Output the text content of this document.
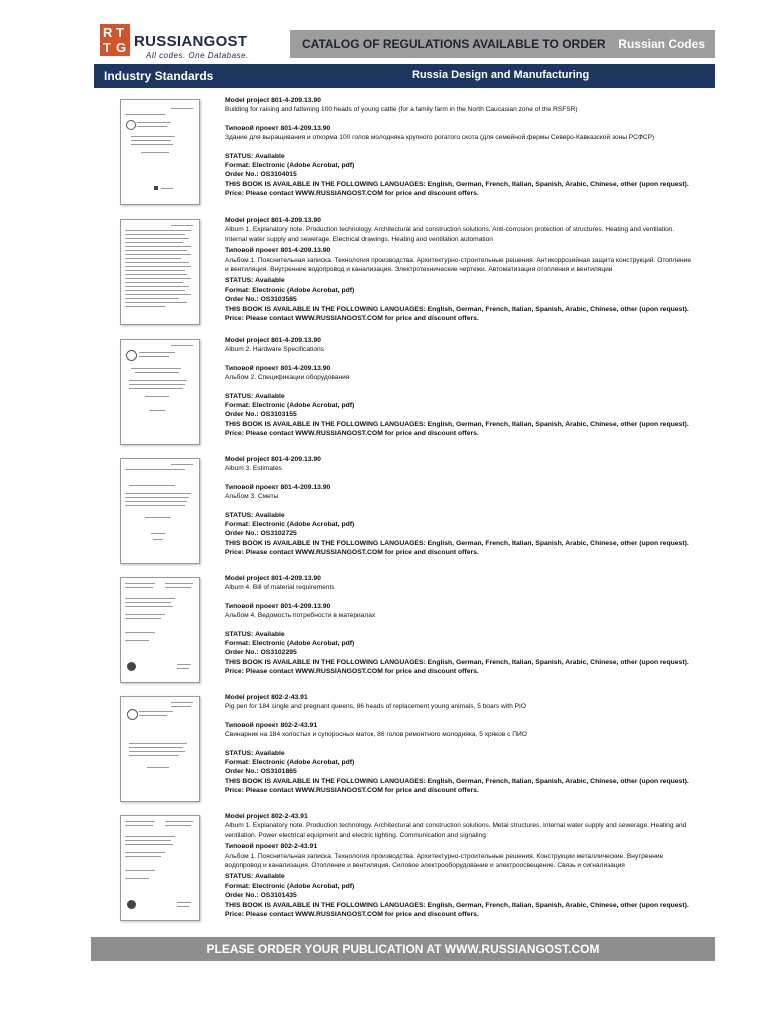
R T
T G RUSSIANGOST
All codes. One Database.
CATALOG OF REGULATIONS AVAILABLE TO ORDER Russian Codes
Industry Standards	Russia Design and Manufacturing

Model project 801-4-209.13.90

Building for raising and fattening 100 heads of young cattle (for a family farm in the North Caucasian zone of the RSFSR)

Типовой проект 801-4-209.13.90

Здание для выращивания и откорма 100 голов молодняка крупного рогатого скота (для семейной фермы Северо-Кавказской зоны РСФСР)

STATUS: Available

Format: Electronic (Adobe Acrobat, pdf)

Order No.: OS3104015

THIS BOOK IS AVAILABLE IN THE FOLLOWING LANGUAGES: English, German, French, Italian, Spanish, Arabic, Chinese, other (upon request).

Price: Please contact WWW.RUSSIANGOST.COM for price and discount offers.

Model project 801-4-209.13.90

Album 1. Explanatory note. Production technology. Architectural and construction solutions. Anti-corrosion protection of structures. Heating and ventilation. Internal water supply and sewerage. Electrical drawings. Heating and ventilation automation

Типовой проект 801-4-209.13.90

Альбом 1. Пояснительная записка. Технология производства. Архитектурно-строительные решения. Антикоррозийная защита конструкций. Отопление и вентиляция. Внутренние водопровод и канализация. Электротехнические чертежи. Автоматизация отопления и вентиляции

STATUS: Available

Format: Electronic (Adobe Acrobat, pdf)

Order No.: OS3103585

THIS BOOK IS AVAILABLE IN THE FOLLOWING LANGUAGES: English, German, French, Italian, Spanish, Arabic, Chinese, other (upon request).

Price: Please contact WWW.RUSSIANGOST.COM for price and discount offers.

Model project 801-4-209.13.90

Album 2. Hardware Specifications

Типовой проект 801-4-209.13.90

Альбом 2. Спецификации оборудования

STATUS: Available

Format: Electronic (Adobe Acrobat, pdf)

Order No.: OS3103155

THIS BOOK IS AVAILABLE IN THE FOLLOWING LANGUAGES: English, German, French, Italian, Spanish, Arabic, Chinese, other (upon request).

Price: Please contact WWW.RUSSIANGOST.COM for price and discount offers.

Model project 801-4-209.13.90

Album 3. Estimates

Типовой проект 801-4-209.13.90

Альбом 3. Сметы

STATUS: Available

Format: Electronic (Adobe Acrobat, pdf)

Order No.: OS3102725

THIS BOOK IS AVAILABLE IN THE FOLLOWING LANGUAGES: English, German, French, Italian, Spanish, Arabic, Chinese, other (upon request).

Price: Please contact WWW.RUSSIANGOST.COM for price and discount offers.

Model project 801-4-209.13.90

Album 4. Bill of material requirements

Типовой проект 801-4-209.13.90

Альбом 4. Ведомость потребности в материалах

STATUS: Available

Format: Electronic (Adobe Acrobat, pdf)

Order No.: OS3102295

THIS BOOK IS AVAILABLE IN THE FOLLOWING LANGUAGES: English, German, French, Italian, Spanish, Arabic, Chinese, other (upon request).

Price: Please contact WWW.RUSSIANGOST.COM for price and discount offers.

Model project 802-2-43.91

Pig pen for 184 single and pregnant queens, 86 heads of replacement young animals, 5 boars with PIO

Типовой проект 802-2-43.91

Свинарник на 184 холостых и супоросных маток, 86 голов ремонтного молодняка, 5 хряков с ПИО

STATUS: Available

Format: Electronic (Adobe Acrobat, pdf)

Order No.: OS3101865

THIS BOOK IS AVAILABLE IN THE FOLLOWING LANGUAGES: English, German, French, Italian, Spanish, Arabic, Chinese, other (upon request).

Price: Please contact WWW.RUSSIANGOST.COM for price and discount offers.

Model project 802-2-43.91

Album 1. Explanatory note. Production technology. Architectural and construction solutions. Metal structures. Internal water supply and sewerage. Heating and ventilation. Power electrical equipment and electric lighting. Communication and signaling

Типовой проект 802-2-43.91

Альбом 1. Пояснительная записка. Технология производства. Архитектурно-строительные решения. Конструкции металлические. Внутренние водопровод и канализация. Отопление и вентиляция. Силовое электрооборудование и электроосвещение. Связь и сигнализация

STATUS: Available

Format: Electronic (Adobe Acrobat, pdf)

Order No.: OS3101435

THIS BOOK IS AVAILABLE IN THE FOLLOWING LANGUAGES: English, German, French, Italian, Spanish, Arabic, Chinese, other (upon request).

Price: Please contact WWW.RUSSIANGOST.COM for price and discount offers.

PLEASE ORDER YOUR PUBLICATION AT WWW.RUSSIANGOST.COM
